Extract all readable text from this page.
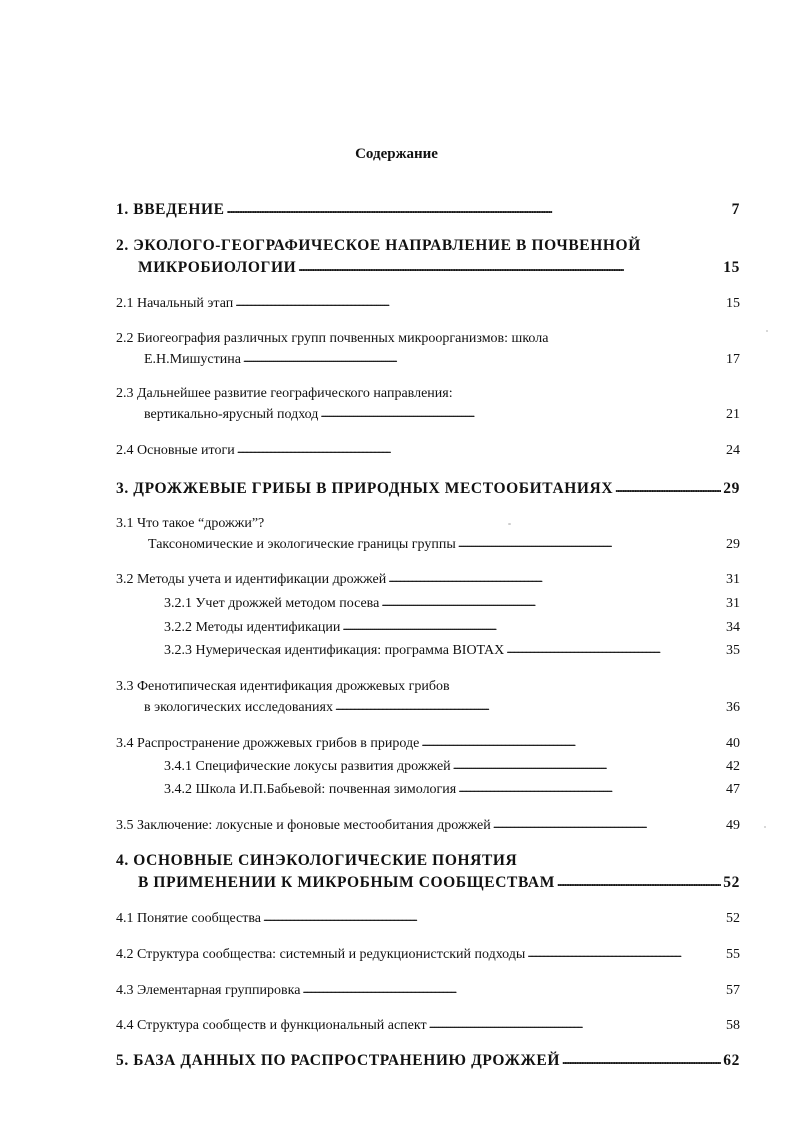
Содержание
1. ВВЕДЕНИЕ . . .	7
2. ЭКОЛОГО-ГЕОГРАФИЧЕСКОЕ НАПРАВЛЕНИЕ В ПОЧВЕННОЙ
МИКРОБИОЛОГИИ . . .	15
2.1 Начальный этап . . .	15
2.2 Биогеография различных групп почвенных микроорганизмов: школа
Е.Н.Мишустина . . .	17
2.3 Дальнейшее развитие географического направления:
вертикально-ярусный подход . . .	21
2.4 Основные итоги . . .	24
3. ДРОЖЖЕВЫЕ ГРИБЫ В ПРИРОДНЫХ МЕСТООБИТАНИЯХ . . .	29
3.1 Что такое “дрожжи”?
Таксономические и экологические границы группы . . .	29
3.2 Методы учета и идентификации дрожжей . . .	31
3.2.1 Учет дрожжей методом посева . . .	31
3.2.2 Методы идентификации . . .	34
3.2.3 Нумерическая идентификация: программа BIOTAX . . .	35
3.3 Фенотипическая идентификация дрожжевых грибов
в экологических исследованиях . . .	36
3.4 Распространение дрожжевых грибов в природе . . .	40
3.4.1 Специфические локусы развития дрожжей . . .	42
3.4.2 Школа И.П.Бабьевой: почвенная зимология . . .	47
3.5 Заключение: локусные и фоновые местообитания дрожжей . . .	49
4. ОСНОВНЫЕ СИНЭКОЛОГИЧЕСКИЕ ПОНЯТИЯ
В ПРИМЕНЕНИИ К МИКРОБНЫМ СООБЩЕСТВАМ . . .	52
4.1 Понятие сообщества . . .	52
4.2 Структура сообщества: системный и редукционистский подходы . . .	55
4.3 Элементарная группировка . . .	57
4.4 Структура сообществ и функциональный аспект . . .	58
5. БАЗА ДАННЫХ ПО РАСПРОСТРАНЕНИЮ ДРОЖЖЕЙ . . .	62
